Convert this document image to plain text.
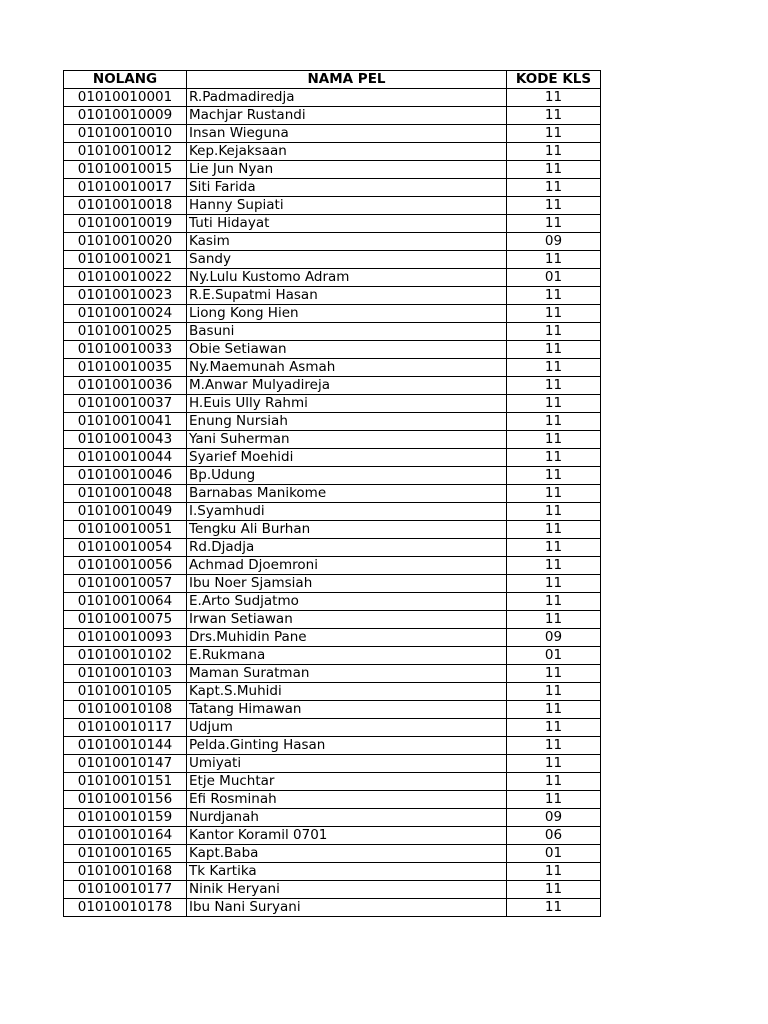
NOLANG	NAMA PEL	KODE KLS
01010010001	R.Padmadiredja	11
01010010009	Machjar Rustandi	11
01010010010	Insan Wieguna	11
01010010012	Kep.Kejaksaan	11
01010010015	Lie Jun Nyan	11
01010010017	Siti Farida	11
01010010018	Hanny Supiati	11
01010010019	Tuti Hidayat	11
01010010020	Kasim	09
01010010021	Sandy	11
01010010022	Ny.Lulu Kustomo Adram	01
01010010023	R.E.Supatmi Hasan	11
01010010024	Liong Kong Hien	11
01010010025	Basuni	11
01010010033	Obie Setiawan	11
01010010035	Ny.Maemunah Asmah	11
01010010036	M.Anwar Mulyadireja	11
01010010037	H.Euis Ully Rahmi	11
01010010041	Enung Nursiah	11
01010010043	Yani Suherman	11
01010010044	Syarief Moehidi	11
01010010046	Bp.Udung	11
01010010048	Barnabas Manikome	11
01010010049	I.Syamhudi	11
01010010051	Tengku Ali Burhan	11
01010010054	Rd.Djadja	11
01010010056	Achmad Djoemroni	11
01010010057	Ibu Noer Sjamsiah	11
01010010064	E.Arto Sudjatmo	11
01010010075	Irwan Setiawan	11
01010010093	Drs.Muhidin Pane	09
01010010102	E.Rukmana	01
01010010103	Maman Suratman	11
01010010105	Kapt.S.Muhidi	11
01010010108	Tatang Himawan	11
01010010117	Udjum	11
01010010144	Pelda.Ginting Hasan	11
01010010147	Umiyati	11
01010010151	Etje Muchtar	11
01010010156	Efi Rosminah	11
01010010159	Nurdjanah	09
01010010164	Kantor Koramil 0701	06
01010010165	Kapt.Baba	01
01010010168	Tk Kartika	11
01010010177	Ninik Heryani	11
01010010178	Ibu Nani Suryani	11
